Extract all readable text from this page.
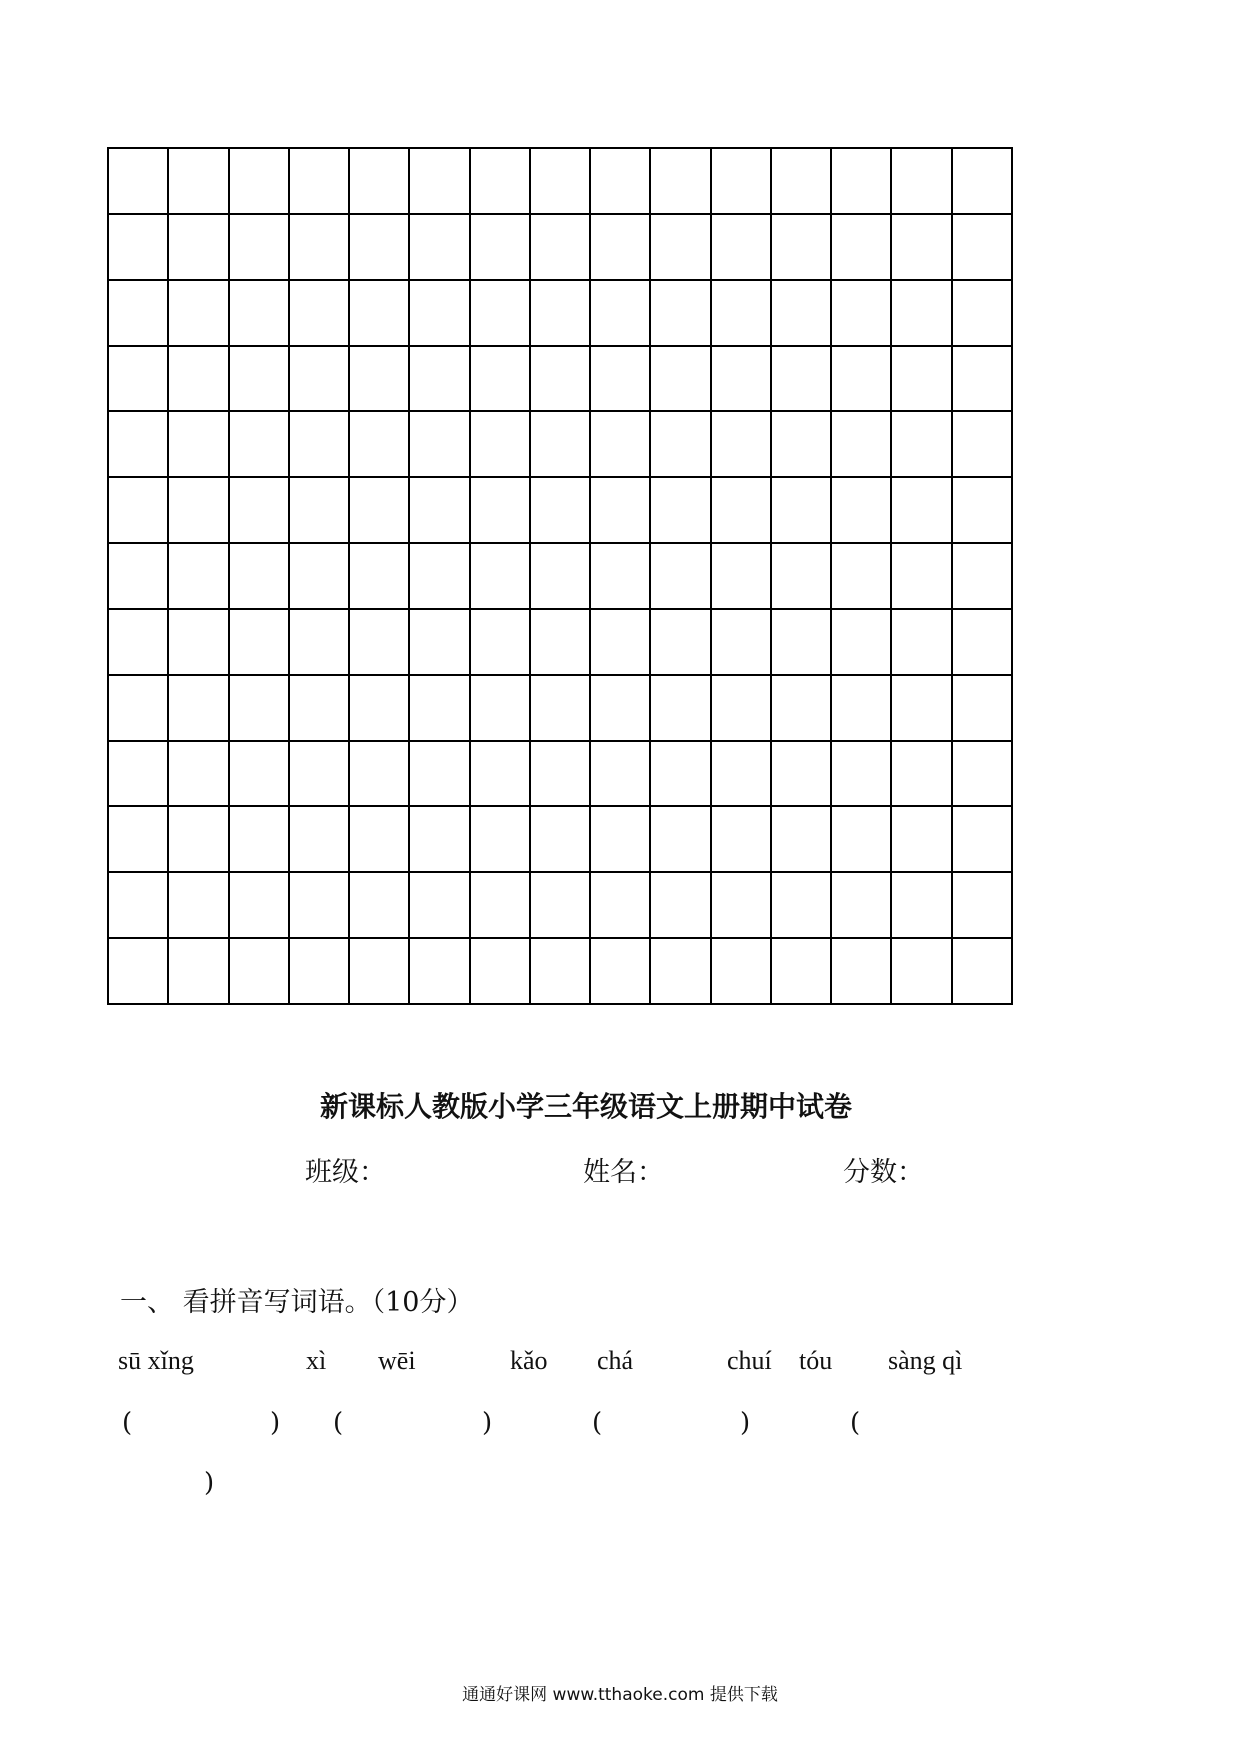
新课标人教版小学三年级语文上册期中试卷
班级：	姓名：	分数：
一、 看拼音写词语。（10分）
sū xǐng	xì wēi	kǎo chá	chuí tóu sàng qì
(	) (	)	(	)	(
)
通通好课网 www.tthaoke.com 提供下载
